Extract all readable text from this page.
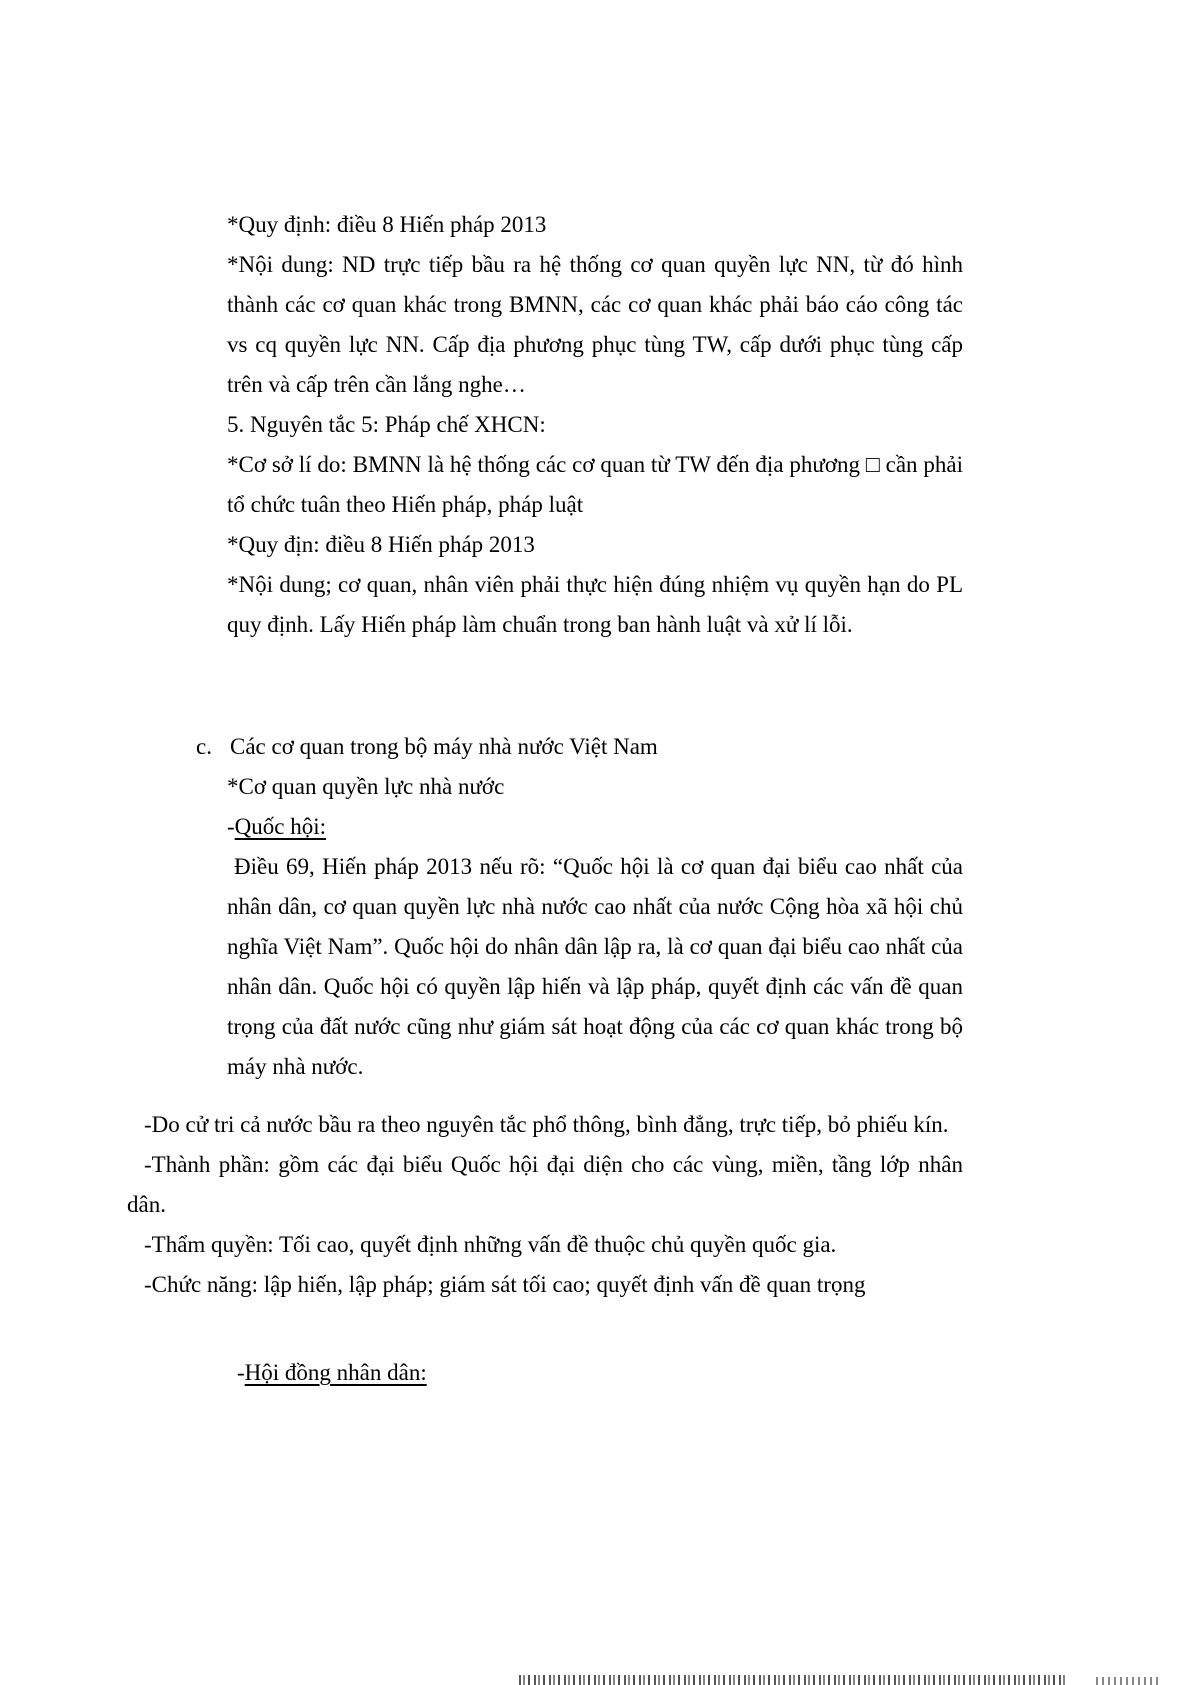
*Quy định: điều 8 Hiến pháp 2013
*Nội dung: ND trực tiếp bầu ra hệ thống cơ quan quyền lực NN, từ đó hình thành các cơ quan khác trong BMNN, các cơ quan khác phải báo cáo công tác vs cq quyền lực NN. Cấp địa phương phục tùng TW, cấp dưới phục tùng cấp trên và cấp trên cần lắng nghe…
5. Nguyên tắc 5: Pháp chế XHCN:
*Cơ sở lí do: BMNN là hệ thống các cơ quan từ TW đến địa phương □ cần phải tổ chức tuân theo Hiến pháp, pháp luật
*Quy địn: điều 8 Hiến pháp 2013
*Nội dung; cơ quan, nhân viên phải thực hiện đúng nhiệm vụ quyền hạn do PL quy định. Lấy Hiến pháp làm chuẩn trong ban hành luật và xử lí lỗi.
c. Các cơ quan trong bộ máy nhà nước Việt Nam
*Cơ quan quyền lực nhà nước
-Quốc hội:
Điều 69, Hiến pháp 2013 nếu rõ: “Quốc hội là cơ quan đại biểu cao nhất của nhân dân, cơ quan quyền lực nhà nước cao nhất của nước Cộng hòa xã hội chủ nghĩa Việt Nam”. Quốc hội do nhân dân lập ra, là cơ quan đại biểu cao nhất của nhân dân. Quốc hội có quyền lập hiến và lập pháp, quyết định các vấn đề quan trọng của đất nước cũng như giám sát hoạt động của các cơ quan khác trong bộ máy nhà nước.
-Do cử tri cả nước bầu ra theo nguyên tắc phổ thông, bình đẳng, trực tiếp, bỏ phiếu kín.
-Thành phần: gồm các đại biểu Quốc hội đại diện cho các vùng, miền, tầng lớp nhân dân.
-Thẩm quyền: Tối cao, quyết định những vấn đề thuộc chủ quyền quốc gia.
-Chức năng: lập hiến, lập pháp; giám sát tối cao; quyết định vấn đề quan trọng
-Hội đồng nhân dân:
